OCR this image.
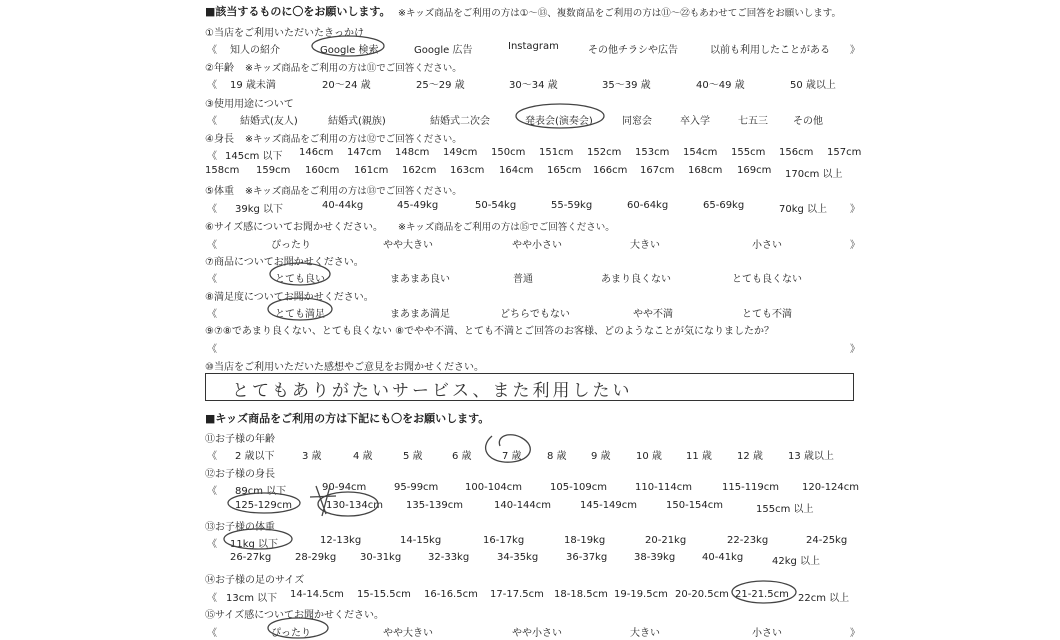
■該当するものに〇をお願いします。 ※キッズ商品をご利用の方は①〜⑬、複数商品をご利用の方は⑪〜㉒もあわせてご回答をお願いします。
①当店をご利用いただいたきっかけ
《 知人の紹介	Google 検索	Google 広告	Instagram	その他チラシや広告	以前も利用したことがある 》
②年齢 ※キッズ商品をご利用の方は⑪でご回答ください。
《 19 歳未満	20〜24 歳	25〜29 歳	30〜34 歳	35〜39 歳	40〜49 歳	50 歳以上
③使用用途について
《 結婚式(友人)	結婚式(親族)	結婚式二次会	発表会(演奏会)	同窓会	卒入学	七五三	その他
④身長 ※キッズ商品をご利用の方は⑫でご回答ください。
《 145cm 以下 146cm 147cm 148cm 149cm 150cm 151cm 152cm 153cm 154cm 155cm 156cm 157cm
158cm 159cm 160cm 161cm 162cm 163cm 164cm 165cm 166cm 167cm 168cm 169cm 170cm 以上
⑤体重 ※キッズ商品をご利用の方は⑬でご回答ください。
《 39kg 以下	40-44kg	45-49kg	50-54kg	55-59kg	60-64kg	65-69kg	70kg 以上 》
⑥サイズ感についてお聞かせください。 ※キッズ商品をご利用の方は⑮でご回答ください。
《	ぴったり	やや大きい	やや小さい	大きい	小さい	》
⑦商品についてお聞かせください。
《	とても良い	まあまあ良い	普通	あまり良くない	とても良くない
⑧満足度についてお聞かせください。
《	とても満足	まあまあ満足	どちらでもない	やや不満	とても不満
⑨⑦⑧であまり良くない、とても良くない ⑧でやや不満、とても不満とご回答のお客様、どのようなことが気になりましたか？
《	》
⑩当店をご利用いただいた感想やご意見をお聞かせください。
とてもありがたいサービス、また利用したい
■キッズ商品をご利用の方は下記にも〇をお願いします。
⑪お子様の年齢
《 2 歳以下	3 歳	4 歳	5 歳	6 歳	7 歳	8 歳 9 歳	10 歳 11 歳	12 歳	13 歳以上
⑫お子様の身長
《 89cm 以下	90-94cm	95-99cm	100-104cm	105-109cm	110-114cm	115-119cm 120-124cm
125-129cm	130-134cm 135-139cm	140-144cm	145-149cm	150-154cm	155cm 以上
⑬お子様の体重
《 11kg 以下	12-13kg	14-15kg	16-17kg	18-19kg	20-21kg	22-23kg	24-25kg
26-27kg 28-29kg 30-31kg	32-33kg	34-35kg	36-37kg	38-39kg	40-41kg	42kg 以上
⑭お子様の足のサイズ
《 13cm 以下 14-14.5cm 15-15.5cm 16-16.5cm 17-17.5cm 18-18.5cm 19-19.5cm 20-20.5cm 21-21.5cm 22cm 以上
⑮サイズ感についてお聞かせください。
《	ぴったり	やや大きい	やや小さい	大きい	小さい	》
